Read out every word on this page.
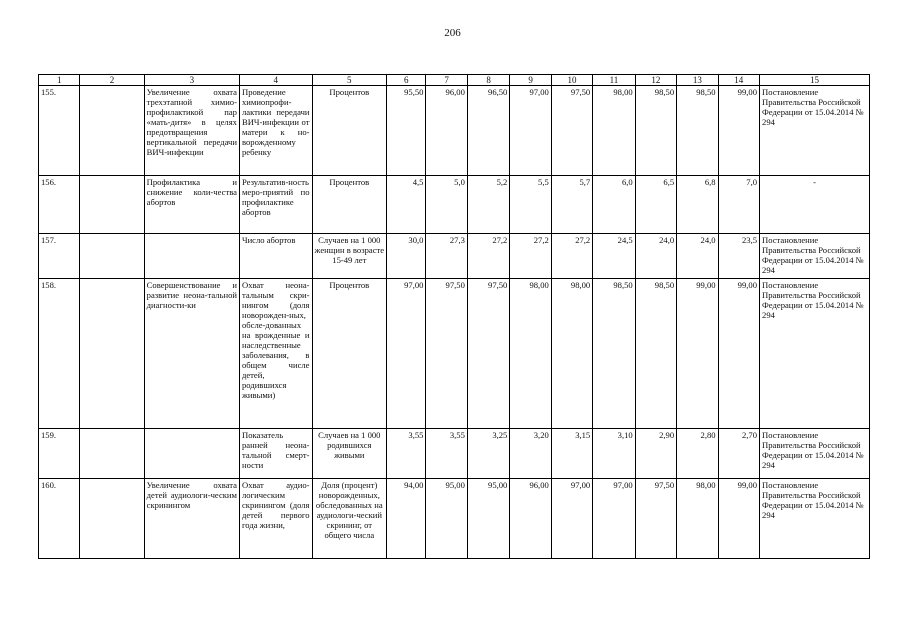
206
1	2	3	4	5	6	7	8	9	10	11	12	13	14	15
155.		Увеличение охвата трехэтапной химио-профилактикой пар «мать-дитя» в целях предотвращения вертикальной передачи ВИЧ-инфекции	Проведение химиопрофи-лактики передачи ВИЧ-инфекции от матери к но-ворожденному ребенку	Процентов	95,50	96,00	96,50	97,00	97,50	98,00	98,50	98,50	99,00	Постановление Правительства Российской Федерации от 15.04.2014 № 294
156.		Профилактика и снижение коли-чества абортов	Результатив-ность меро-приятий по профилактике абортов	Процентов	4,5	5,0	5,2	5,5	5,7	6,0	6,5	6,8	7,0	-
157.			Число абортов	Случаев на 1 000 женщин в возрасте 15-49 лет	30,0	27,3	27,2	27,2	27,2	24,5	24,0	24,0	23,5	Постановление Правительства Российской Федерации от 15.04.2014 № 294
158.		Совершенствование и развитие неона-тальной диагности-ки	Охват неона-тальным скри-нингом (доля новорожден-ных, обсле-дованных на врожденные и наследственные заболевания, в общем числе детей, родившихся живыми)	Процентов	97,00	97,50	97,50	98,00	98,00	98,50	98,50	99,00	99,00	Постановление Правительства Российской Федерации от 15.04.2014 № 294
159.			Показатель ранней неона-тальной смерт-ности	Случаев на 1 000 родившихся живыми	3,55	3,55	3,25	3,20	3,15	3,10	2,90	2,80	2,70	Постановление Правительства Российской Федерации от 15.04.2014 № 294
160.		Увеличение охвата детей аудиологи-ческим скринингом	Охват аудио-логическим скринингом (доля детей первого года жизни,	Доля (процент) новорожденных, обследованных на аудиологи-ческий скрининг, от общего числа	94,00	95,00	95,00	96,00	97,00	97,00	97,50	98,00	99,00	Постановление Правительства Российской Федерации от 15.04.2014 № 294
